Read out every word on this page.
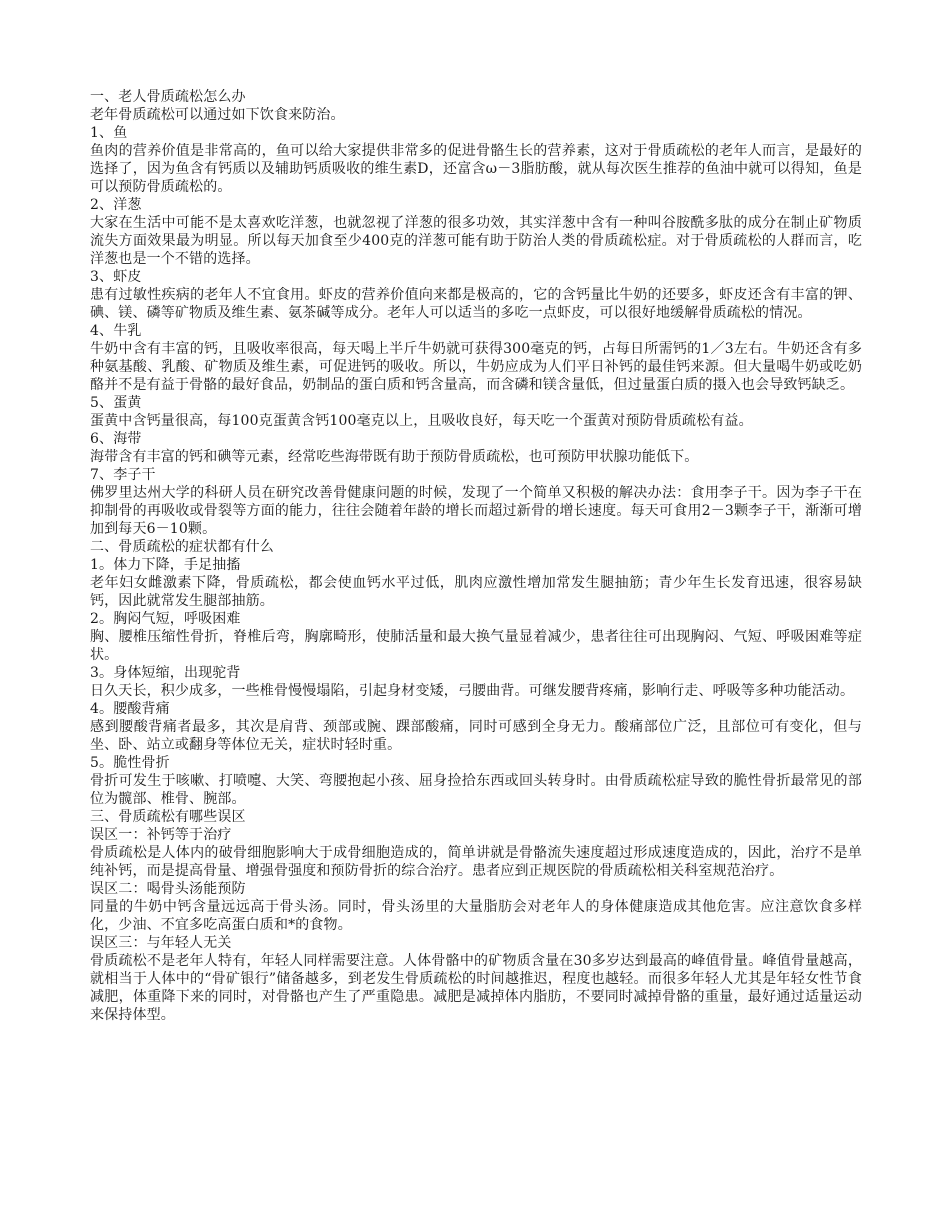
一、老人骨质疏松怎么办

老年骨质疏松可以通过如下饮食来防治。

1、鱼

鱼肉的营养价值是非常高的，鱼可以给大家提供非常多的促进骨骼生长的营养素，这对于骨质疏松的老年人而言，是最好的选择了，因为鱼含有钙质以及辅助钙质吸收的维生素D，还富含ω－3脂肪酸，就从每次医生推荐的鱼油中就可以得知，鱼是可以预防骨质疏松的。

2、洋葱

大家在生活中可能不是太喜欢吃洋葱，也就忽视了洋葱的很多功效，其实洋葱中含有一种叫谷胺酰多肽的成分在制止矿物质流失方面效果最为明显。所以每天加食至少400克的洋葱可能有助于防治人类的骨质疏松症。对于骨质疏松的人群而言，吃洋葱也是一个不错的选择。

3、虾皮

患有过敏性疾病的老年人不宜食用。虾皮的营养价值向来都是极高的，它的含钙量比牛奶的还要多，虾皮还含有丰富的钾、碘、镁、磷等矿物质及维生素、氨茶碱等成分。老年人可以适当的多吃一点虾皮，可以很好地缓解骨质疏松的情况。

4、牛乳

牛奶中含有丰富的钙，且吸收率很高，每天喝上半斤牛奶就可获得300毫克的钙，占每日所需钙的1／3左右。牛奶还含有多种氨基酸、乳酸、矿物质及维生素，可促进钙的吸收。所以，牛奶应成为人们平日补钙的最佳钙来源。但大量喝牛奶或吃奶酪并不是有益于骨骼的最好食品，奶制品的蛋白质和钙含量高，而含磷和镁含量低，但过量蛋白质的摄入也会导致钙缺乏。

5、蛋黄

蛋黄中含钙量很高，每100克蛋黄含钙100毫克以上，且吸收良好，每天吃一个蛋黄对预防骨质疏松有益。

6、海带

海带含有丰富的钙和碘等元素，经常吃些海带既有助于预防骨质疏松，也可预防甲状腺功能低下。

7、李子干

佛罗里达州大学的科研人员在研究改善骨健康问题的时候，发现了一个简单又积极的解决办法：食用李子干。因为李子干在抑制骨的再吸收或骨裂等方面的能力，往往会随着年龄的增长而超过新骨的增长速度。每天可食用2－3颗李子干，渐渐可增加到每天6－10颗。

二、骨质疏松的症状都有什么

1。体力下降，手足抽搐

老年妇女雌激素下降，骨质疏松，都会使血钙水平过低，肌肉应激性增加常发生腿抽筋；青少年生长发育迅速，很容易缺钙，因此就常发生腿部抽筋。

2。胸闷气短，呼吸困难

胸、腰椎压缩性骨折，脊椎后弯，胸廓畸形，使肺活量和最大换气量显着减少，患者往往可出现胸闷、气短、呼吸困难等症状。

3。身体短缩，出现驼背

日久天长，积少成多，一些椎骨慢慢塌陷，引起身材变矮，弓腰曲背。可继发腰背疼痛，影响行走、呼吸等多种功能活动。

4。腰酸背痛

感到腰酸背痛者最多，其次是肩背、颈部或腕、踝部酸痛，同时可感到全身无力。酸痛部位广泛，且部位可有变化，但与坐、卧、站立或翻身等体位无关，症状时轻时重。

5。脆性骨折

骨折可发生于咳嗽、打喷嚏、大笑、弯腰抱起小孩、屈身捡拾东西或回头转身时。由骨质疏松症导致的脆性骨折最常见的部位为髋部、椎骨、腕部。

三、骨质疏松有哪些误区

误区一：补钙等于治疗

骨质疏松是人体内的破骨细胞影响大于成骨细胞造成的，简单讲就是骨骼流失速度超过形成速度造成的，因此，治疗不是单纯补钙，而是提高骨量、增强骨强度和预防骨折的综合治疗。患者应到正规医院的骨质疏松相关科室规范治疗。

误区二：喝骨头汤能预防

同量的牛奶中钙含量远远高于骨头汤。同时，骨头汤里的大量脂肪会对老年人的身体健康造成其他危害。应注意饮食多样化，少油、不宜多吃高蛋白质和*的食物。

误区三：与年轻人无关

骨质疏松不是老年人特有，年轻人同样需要注意。人体骨骼中的矿物质含量在30多岁达到最高的峰值骨量。峰值骨量越高，就相当于人体中的“骨矿银行”储备越多，到老发生骨质疏松的时间越推迟，程度也越轻。而很多年轻人尤其是年轻女性节食减肥，体重降下来的同时，对骨骼也产生了严重隐患。减肥是减掉体内脂肪，不要同时减掉骨骼的重量，最好通过适量运动来保持体型。
